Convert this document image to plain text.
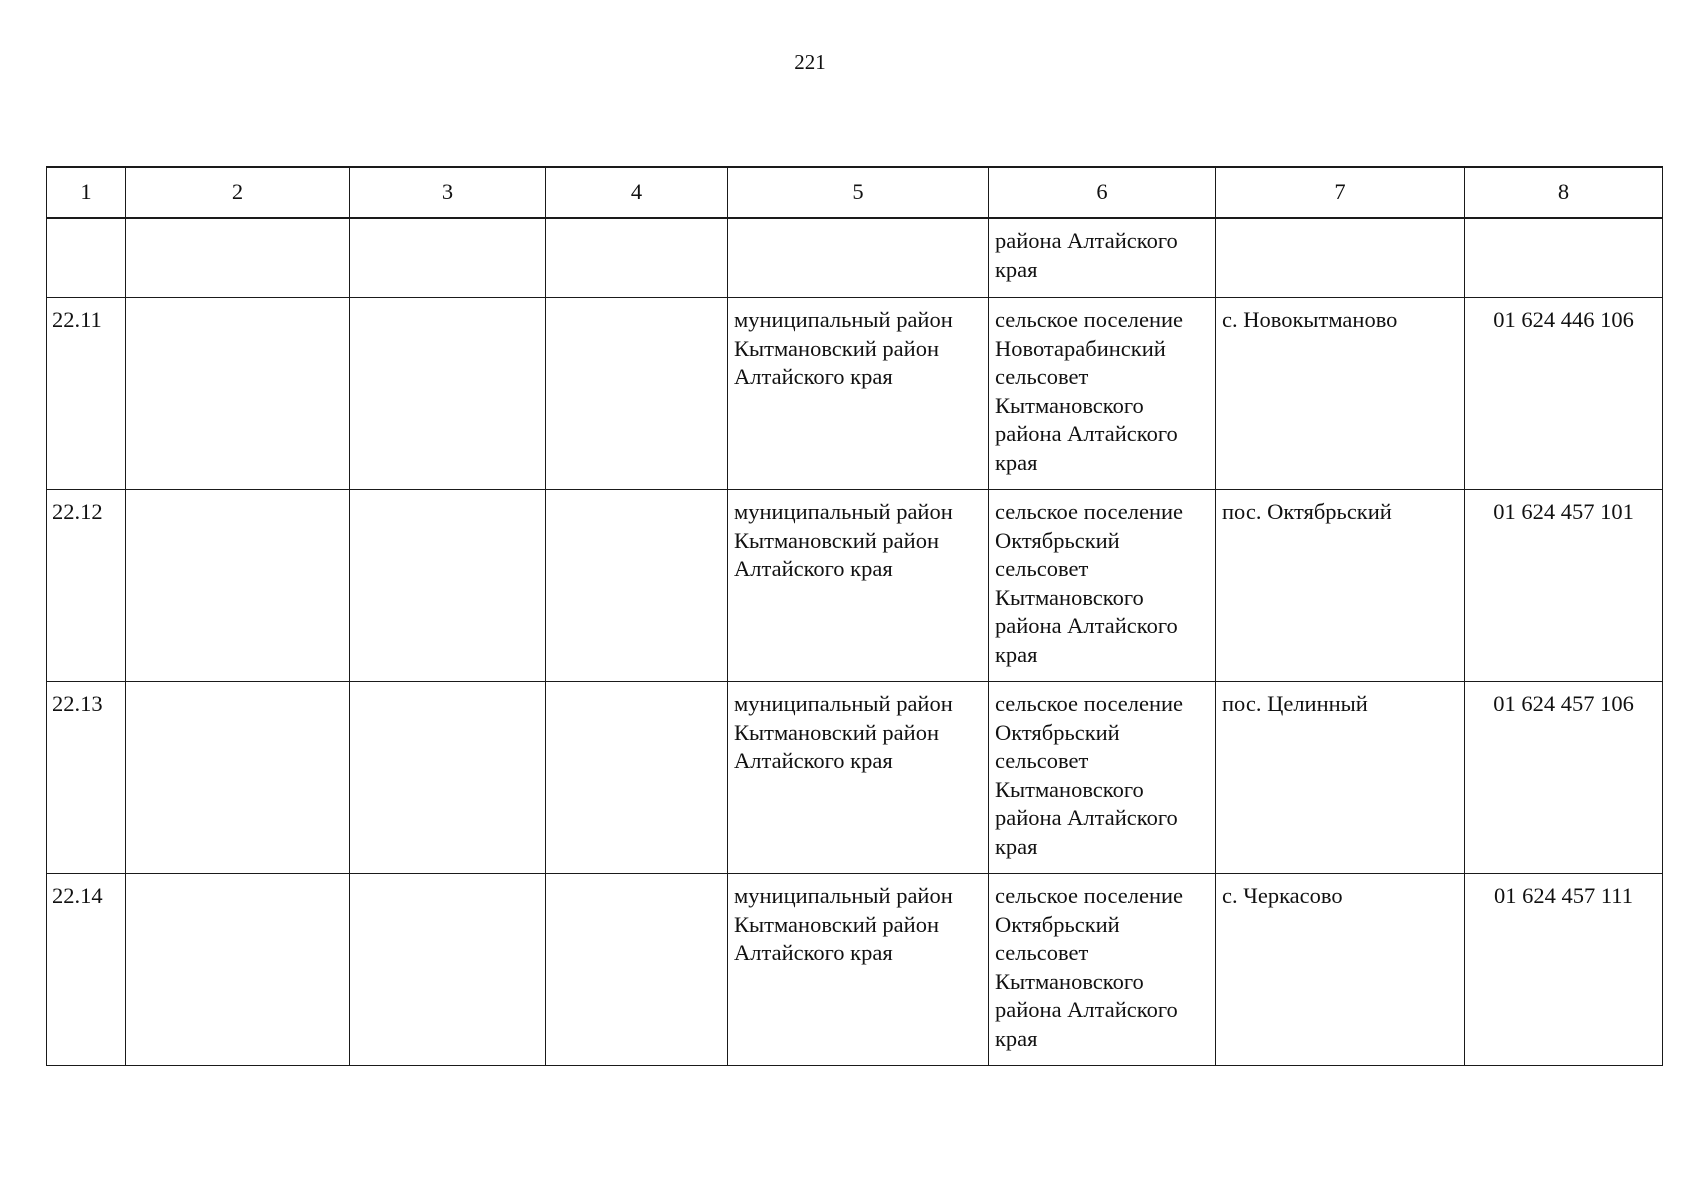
221
1	2	3	4	5	6	7	8
					района Алтайского края		
22.11				муниципальный район Кытмановский район Алтайского края	сельское поселение Новотарабинский сельсовет Кытмановского района Алтайского края	с. Новокытманово	01 624 446 106
22.12				муниципальный район Кытмановский район Алтайского края	сельское поселение Октябрьский сельсовет Кытмановского района Алтайского края	пос. Октябрьский	01 624 457 101
22.13				муниципальный район Кытмановский район Алтайского края	сельское поселение Октябрьский сельсовет Кытмановского района Алтайского края	пос. Целинный	01 624 457 106
22.14				муниципальный район Кытмановский район Алтайского края	сельское поселение Октябрьский сельсовет Кытмановского района Алтайского края	с. Черкасово	01 624 457 111
